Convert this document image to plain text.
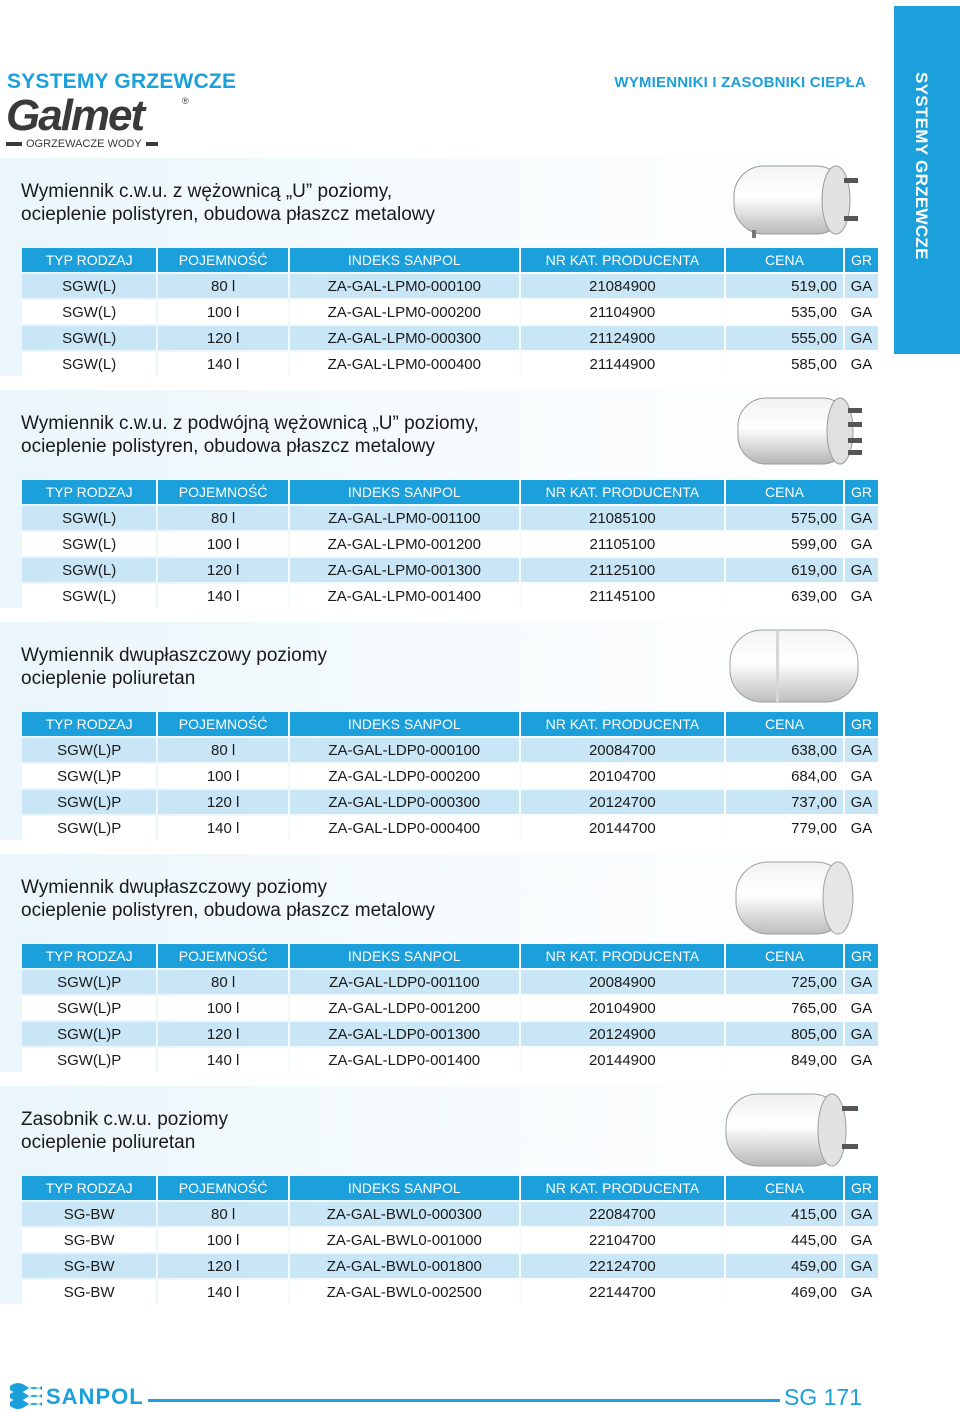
SYSTEMY GRZEWCZE
Galmet	®
OGRZEWACZE WODY
WYMIENNIKI I ZASOBNIKI CIEPŁA	SYSTEMY GRZEWCZE
Wymiennik c.w.u. z wężownicą „U” poziomy,
ocieplenie polistyren, obudowa płaszcz metalowy
TYP RODZAJ	POJEMNOŚĆ	INDEKS SANPOL	NR KAT. PRODUCENTA	CENA	GR
SGW(L)	80 l	ZA-GAL-LPM0-000100	21084900	519,00	GA
SGW(L)	100 l	ZA-GAL-LPM0-000200	21104900	535,00	GA
SGW(L)	120 l	ZA-GAL-LPM0-000300	21124900	555,00	GA
SGW(L)	140 l	ZA-GAL-LPM0-000400	21144900	585,00	GA
Wymiennik c.w.u. z podwójną wężownicą „U” poziomy,
ocieplenie polistyren, obudowa płaszcz metalowy
TYP RODZAJ	POJEMNOŚĆ	INDEKS SANPOL	NR KAT. PRODUCENTA	CENA	GR
SGW(L)	80 l	ZA-GAL-LPM0-001100	21085100	575,00	GA
SGW(L)	100 l	ZA-GAL-LPM0-001200	21105100	599,00	GA
SGW(L)	120 l	ZA-GAL-LPM0-001300	21125100	619,00	GA
SGW(L)	140 l	ZA-GAL-LPM0-001400	21145100	639,00	GA
Wymiennik dwupłaszczowy poziomy
ocieplenie poliuretan
TYP RODZAJ	POJEMNOŚĆ	INDEKS SANPOL	NR KAT. PRODUCENTA	CENA	GR
SGW(L)P	80 l	ZA-GAL-LDP0-000100	20084700	638,00	GA
SGW(L)P	100 l	ZA-GAL-LDP0-000200	20104700	684,00	GA
SGW(L)P	120 l	ZA-GAL-LDP0-000300	20124700	737,00	GA
SGW(L)P	140 l	ZA-GAL-LDP0-000400	20144700	779,00	GA
Wymiennik dwupłaszczowy poziomy
ocieplenie polistyren, obudowa płaszcz metalowy
TYP RODZAJ	POJEMNOŚĆ	INDEKS SANPOL	NR KAT. PRODUCENTA	CENA	GR
SGW(L)P	80 l	ZA-GAL-LDP0-001100	20084900	725,00	GA
SGW(L)P	100 l	ZA-GAL-LDP0-001200	20104900	765,00	GA
SGW(L)P	120 l	ZA-GAL-LDP0-001300	20124900	805,00	GA
SGW(L)P	140 l	ZA-GAL-LDP0-001400	20144900	849,00	GA
Zasobnik c.w.u. poziomy
ocieplenie poliuretan
TYP RODZAJ	POJEMNOŚĆ	INDEKS SANPOL	NR KAT. PRODUCENTA	CENA	GR
SG-BW	80 l	ZA-GAL-BWL0-000300	22084700	415,00	GA
SG-BW	100 l	ZA-GAL-BWL0-001000	22104700	445,00	GA
SG-BW	120 l	ZA-GAL-BWL0-001800	22124700	459,00	GA
SG-BW	140 l	ZA-GAL-BWL0-002500	22144700	469,00	GA
SANPOL	SG 171
